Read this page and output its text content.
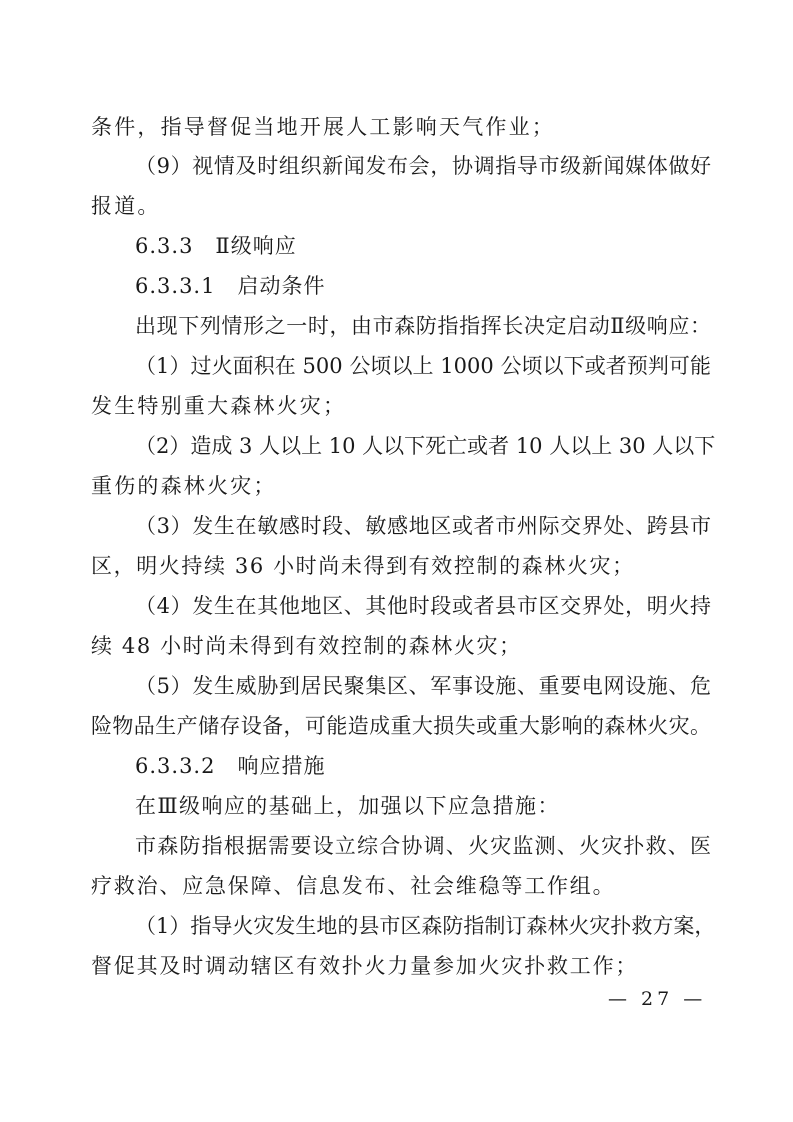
条件，指导督促当地开展人工影响天气作业；
（9）视情及时组织新闻发布会，协调指导市级新闻媒体做好
报道。
6.3.3　Ⅱ级响应
6.3.3.1　启动条件
出现下列情形之一时，由市森防指指挥长决定启动Ⅱ级响应：
（1）过火面积在 500 公顷以上 1000 公顷以下或者预判可能
发生特别重大森林火灾；
（2）造成 3 人以上 10 人以下死亡或者 10 人以上 30 人以下
重伤的森林火灾；
（3）发生在敏感时段、敏感地区或者市州际交界处、跨县市
区，明火持续 36 小时尚未得到有效控制的森林火灾；
（4）发生在其他地区、其他时段或者县市区交界处，明火持
续 48 小时尚未得到有效控制的森林火灾；
（5）发生威胁到居民聚集区、军事设施、重要电网设施、危
险物品生产储存设备，可能造成重大损失或重大影响的森林火灾。
6.3.3.2　响应措施
在Ⅲ级响应的基础上，加强以下应急措施：
市森防指根据需要设立综合协调、火灾监测、火灾扑救、医
疗救治、应急保障、信息发布、社会维稳等工作组。
（1）指导火灾发生地的县市区森防指制订森林火灾扑救方案，
督促其及时调动辖区有效扑火力量参加火灾扑救工作；
— 27 —
